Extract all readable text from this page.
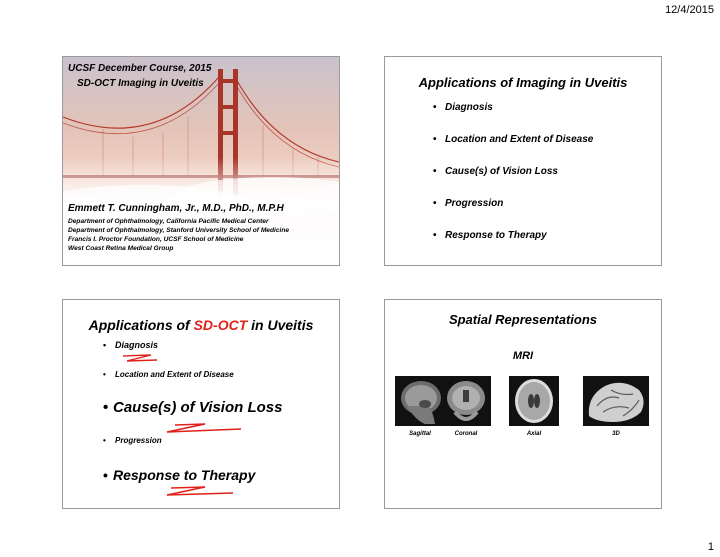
12/4/2015
UCSF December Course, 2015
SD-OCT Imaging in Uveitis
Emmett T. Cunningham, Jr., M.D., PhD., M.P.H
Department of Ophthalmology, California Pacific Medical Center
Department of Ophthalmology, Stanford University School of Medicine
Francis I. Proctor Foundation, UCSF School of Medicine
West Coast Retina Medical Group
Applications of Imaging in Uveitis
• Diagnosis
• Location and Extent of Disease
• Cause(s) of Vision Loss
• Progression
• Response to Therapy
Applications of SD-OCT in Uveitis
• Diagnosis
• Location and Extent of Disease
• Cause(s) of Vision Loss
• Progression
• Response to Therapy
Spatial Representations
MRI
Sagittal	Coronal	Axial	3D
1
